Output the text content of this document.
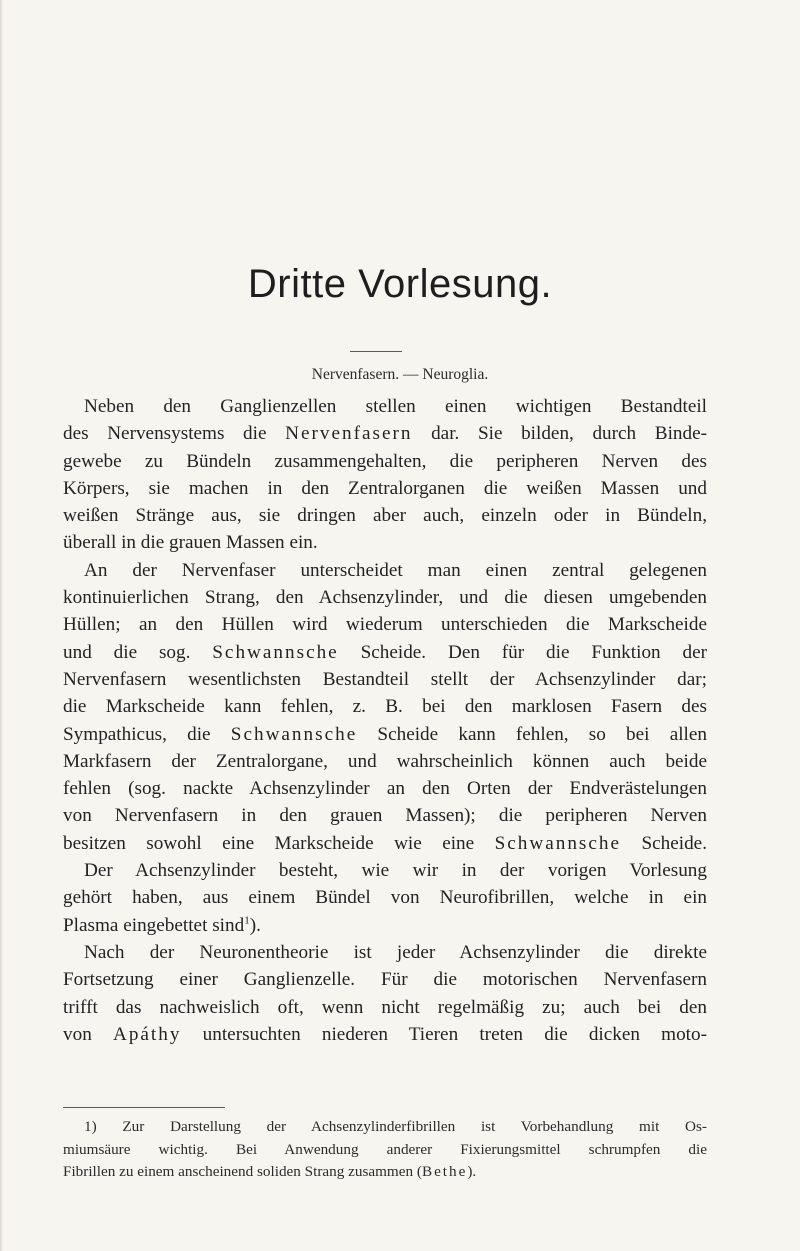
Dritte Vorlesung.
Nervenfasern. — Neuroglia.
Neben den Ganglienzellen stellen einen wichtigen Bestandteil
des Nervensystems die Nervenfasern dar. Sie bilden, durch Binde-
gewebe zu Bündeln zusammengehalten, die peripheren Nerven des
Körpers, sie machen in den Zentralorganen die weißen Massen und
weißen Stränge aus, sie dringen aber auch, einzeln oder in Bündeln,
überall in die grauen Massen ein.
An der Nervenfaser unterscheidet man einen zentral gelegenen
kontinuierlichen Strang, den Achsenzylinder, und die diesen umgebenden
Hüllen; an den Hüllen wird wiederum unterschieden die Markscheide
und die sog. Schwannsche Scheide. Den für die Funktion der
Nervenfasern wesentlichsten Bestandteil stellt der Achsenzylinder dar;
die Markscheide kann fehlen, z. B. bei den marklosen Fasern des
Sympathicus, die Schwannsche Scheide kann fehlen, so bei allen
Markfasern der Zentralorgane, und wahrscheinlich können auch beide
fehlen (sog. nackte Achsenzylinder an den Orten der Endverästelungen
von Nervenfasern in den grauen Massen); die peripheren Nerven
besitzen sowohl eine Markscheide wie eine Schwannsche Scheide.
Der Achsenzylinder besteht, wie wir in der vorigen Vorlesung
gehört haben, aus einem Bündel von Neurofibrillen, welche in ein
Plasma eingebettet sind$^1$).
Nach der Neuronentheorie ist jeder Achsenzylinder die direkte
Fortsetzung einer Ganglienzelle. Für die motorischen Nervenfasern
trifft das nachweislich oft, wenn nicht regelmäßig zu; auch bei den
von Apáthy untersuchten niederen Tieren treten die dicken moto-
1) Zur Darstellung der Achsenzylinderfibrillen ist Vorbehandlung mit Os-
miumsäure wichtig. Bei Anwendung anderer Fixierungsmittel schrumpfen die
Fibrillen zu einem anscheinend soliden Strang zusammen (Bethe).
